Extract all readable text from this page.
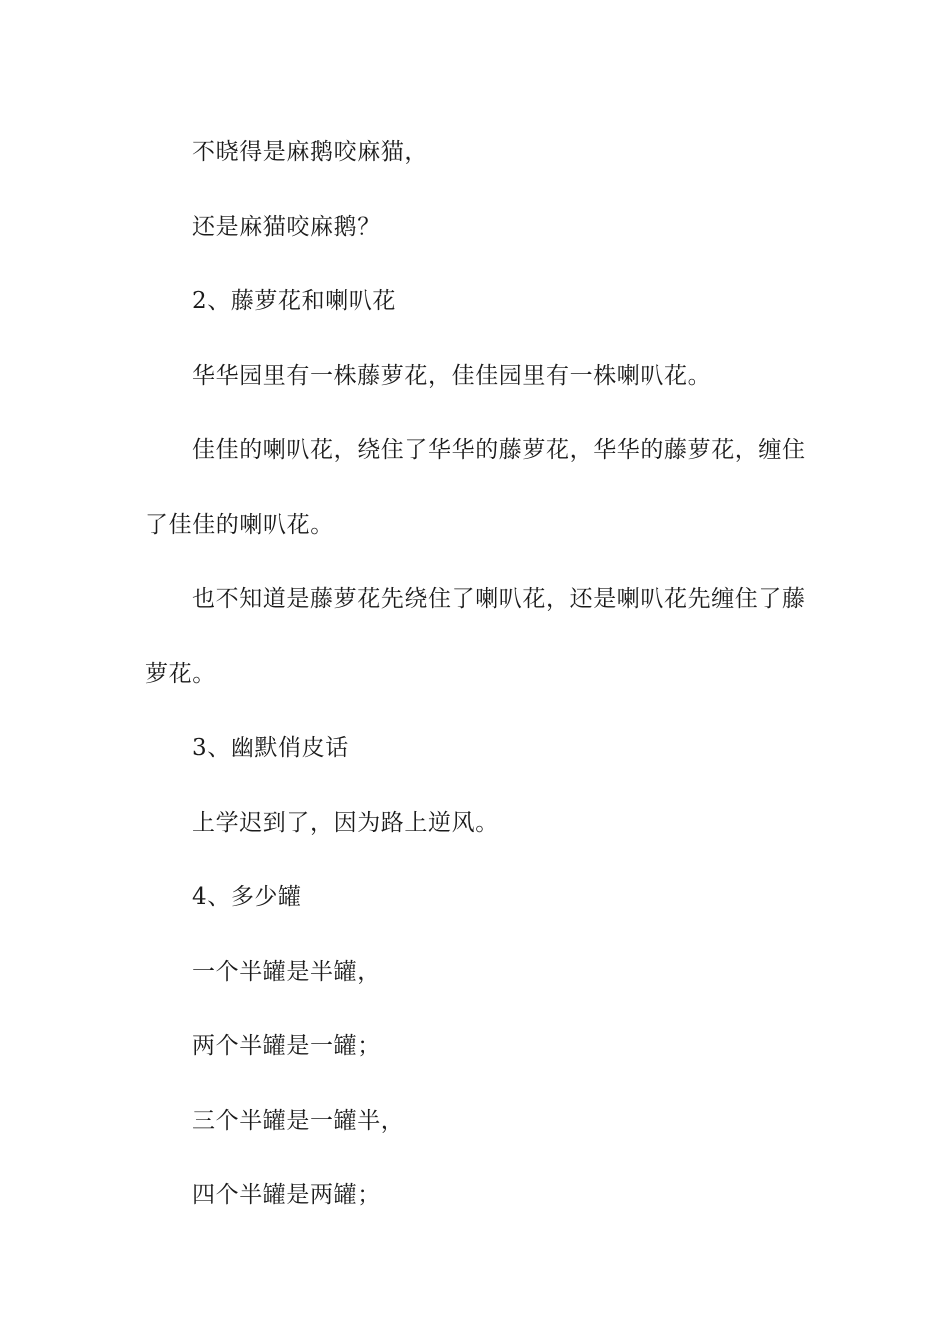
不晓得是麻鹅咬麻猫，

还是麻猫咬麻鹅？

2、藤萝花和喇叭花

华华园里有一株藤萝花，佳佳园里有一株喇叭花。

佳佳的喇叭花，绕住了华华的藤萝花，华华的藤萝花，缠住了佳佳的喇叭花。

也不知道是藤萝花先绕住了喇叭花，还是喇叭花先缠住了藤萝花。

3、幽默俏皮话

上学迟到了，因为路上逆风。

4、多少罐

一个半罐是半罐，

两个半罐是一罐；

三个半罐是一罐半，

四个半罐是两罐；
